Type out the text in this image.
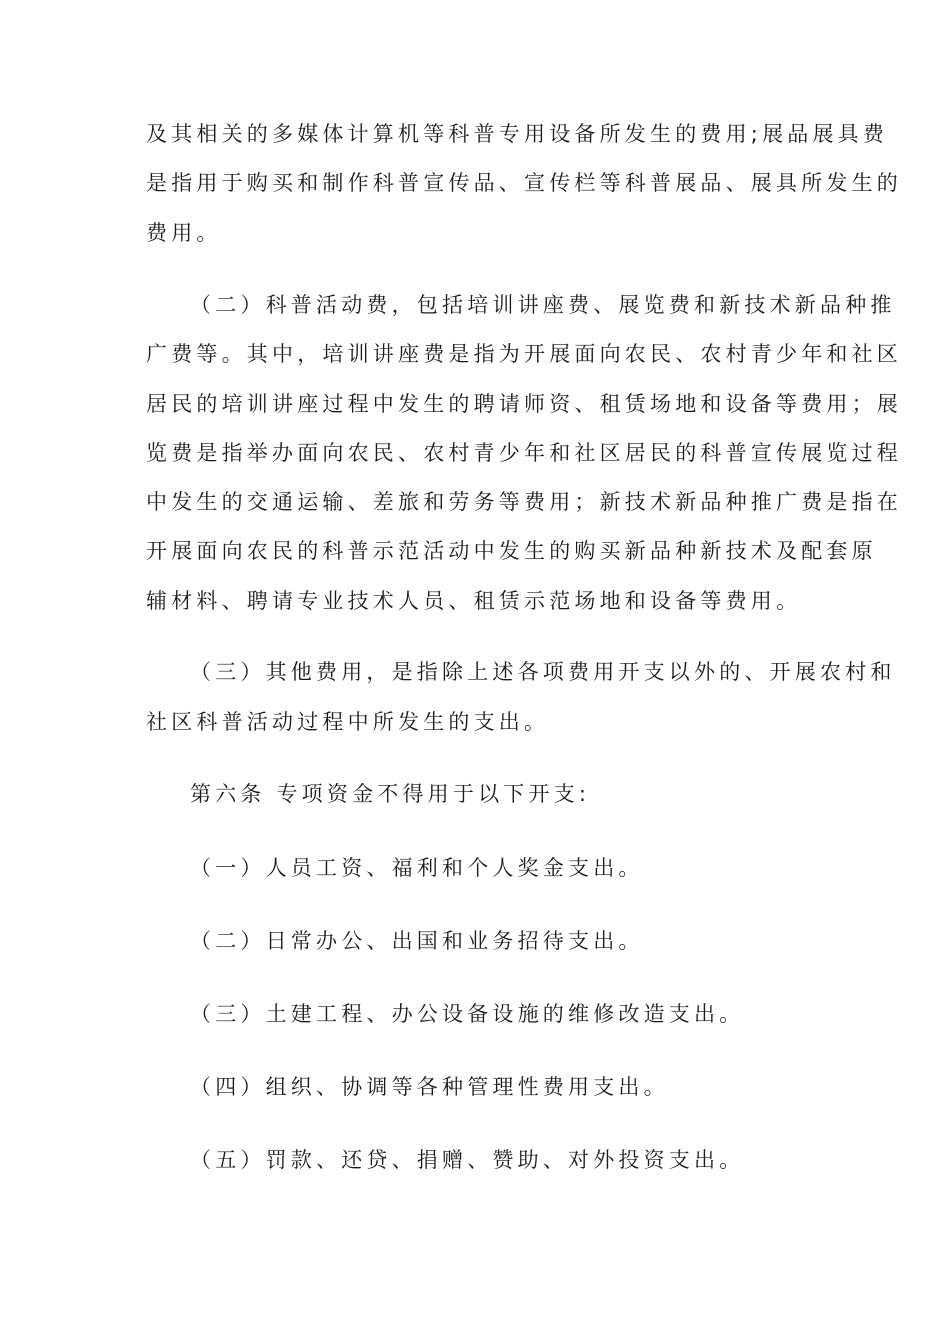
及其相关的多媒体计算机等科普专用设备所发生的费用;展品展具费

是指用于购买和制作科普宣传品、宣传栏等科普展品、展具所发生的

费用。

（二）科普活动费，包括培训讲座费、展览费和新技术新品种推

广费等。其中，培训讲座费是指为开展面向农民、农村青少年和社区

居民的培训讲座过程中发生的聘请师资、租赁场地和设备等费用；展

览费是指举办面向农民、农村青少年和社区居民的科普宣传展览过程

中发生的交通运输、差旅和劳务等费用；新技术新品种推广费是指在

开展面向农民的科普示范活动中发生的购买新品种新技术及配套原

辅材料、聘请专业技术人员、租赁示范场地和设备等费用。

（三）其他费用，是指除上述各项费用开支以外的、开展农村和

社区科普活动过程中所发生的支出。

第六条 专项资金不得用于以下开支:

（一）人员工资、福利和个人奖金支出。

（二）日常办公、出国和业务招待支出。

（三）土建工程、办公设备设施的维修改造支出。

（四）组织、协调等各种管理性费用支出。

（五）罚款、还贷、捐赠、赞助、对外投资支出。
